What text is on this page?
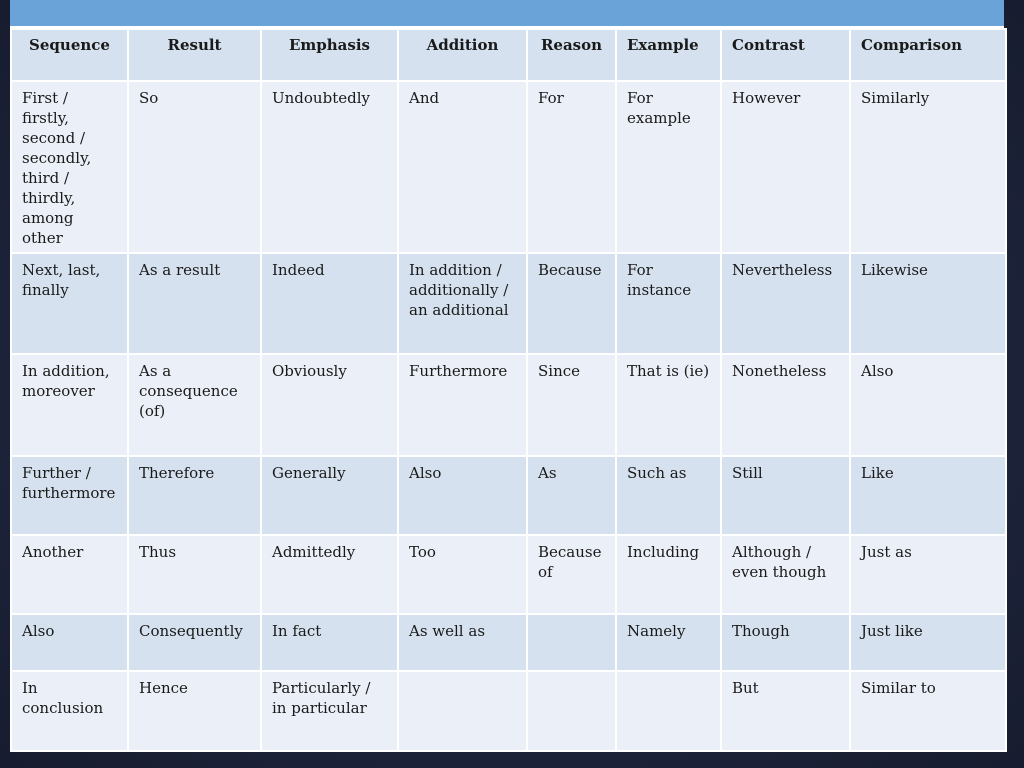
Sequence	Result	Emphasis	Addition	Reason	Example	Contrast	Comparison
First / firstly, second / secondly, third / thirdly, among other	So	Undoubtedly	And	For	For example	However	Similarly
Next, last, finally	As a result	Indeed	In addition / additionally / an additional	Because	For instance	Nevertheless	Likewise
In addition, moreover	As a consequence (of)	Obviously	Furthermore	Since	That is (ie)	Nonetheless	Also
Further / furthermore	Therefore	Generally	Also	As	Such as	Still	Like
Another	Thus	Admittedly	Too	Because of	Including	Although / even though	Just as
Also	Consequently	In fact	As well as		Namely	Though	Just like
In conclusion	Hence	Particularly / in particular				But	Similar to
